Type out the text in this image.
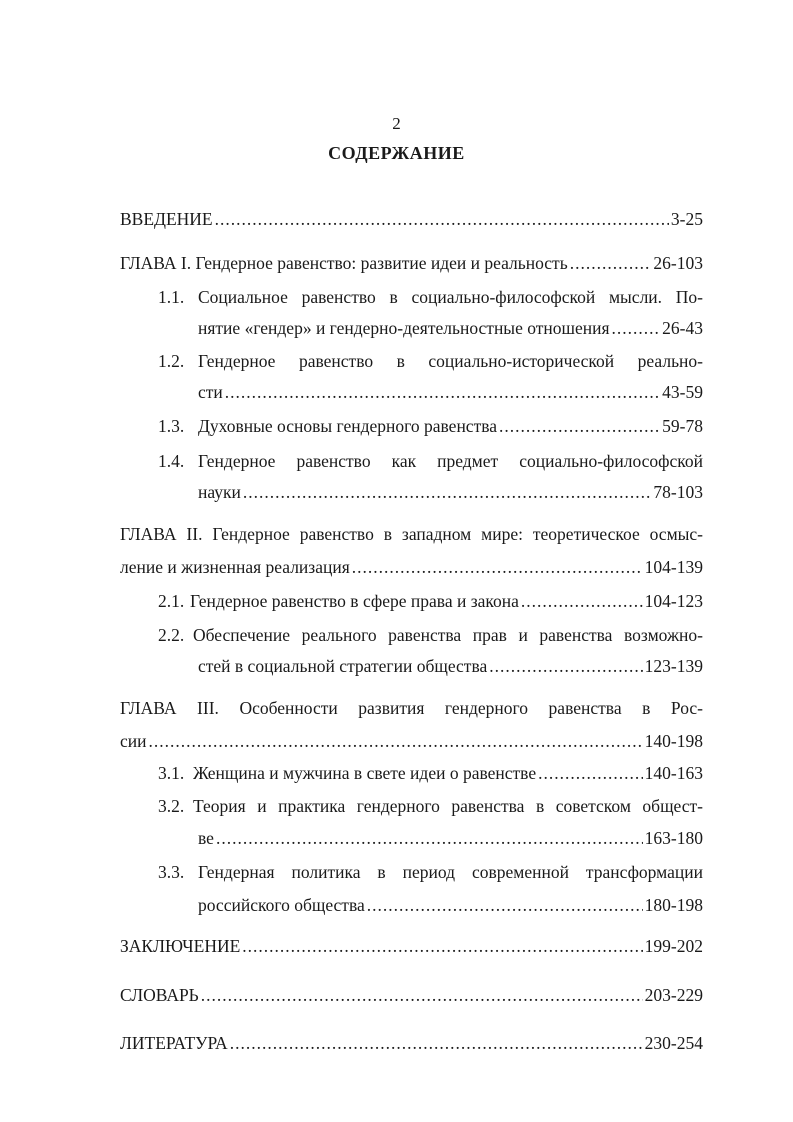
2
СОДЕРЖАНИЕ
ВВЕДЕНИЕ .....	3-25
ГЛАВА I. Гендерное равенство: развитие идеи и реальность .....	26-103
1.1. Социальное равенство в социально-философской мысли. По-
нятие «гендер» и гендерно-деятельностные отношения .....	26-43
1.2. Гендерное равенство в социально-исторической реально-
сти .....	43-59
1.3. Духовные основы гендерного равенства .....	59-78
1.4. Гендерное равенство как предмет социально-философской
науки .....	78-103
ГЛАВА II. Гендерное равенство в западном мире: теоретическое осмыс-
ление и жизненная реализация .....	104-139
2.1. Гендерное равенство в сфере права и закона .....	104-123
2.2. Обеспечение реального равенства прав и равенства возможно-
стей в социальной стратегии общества .....	123-139
ГЛАВА III. Особенности развития гендерного равенства в Рос-
сии .....	140-198
3.1. Женщина и мужчина в свете идеи о равенстве .....	140-163
3.2. Теория и практика гендерного равенства в советском общест-
ве .....	163-180
3.3. Гендерная политика в период современной трансформации
российского общества .....	180-198
ЗАКЛЮЧЕНИЕ .....	199-202
СЛОВАРЬ .....	203-229
ЛИТЕРАТУРА .....	230-254
